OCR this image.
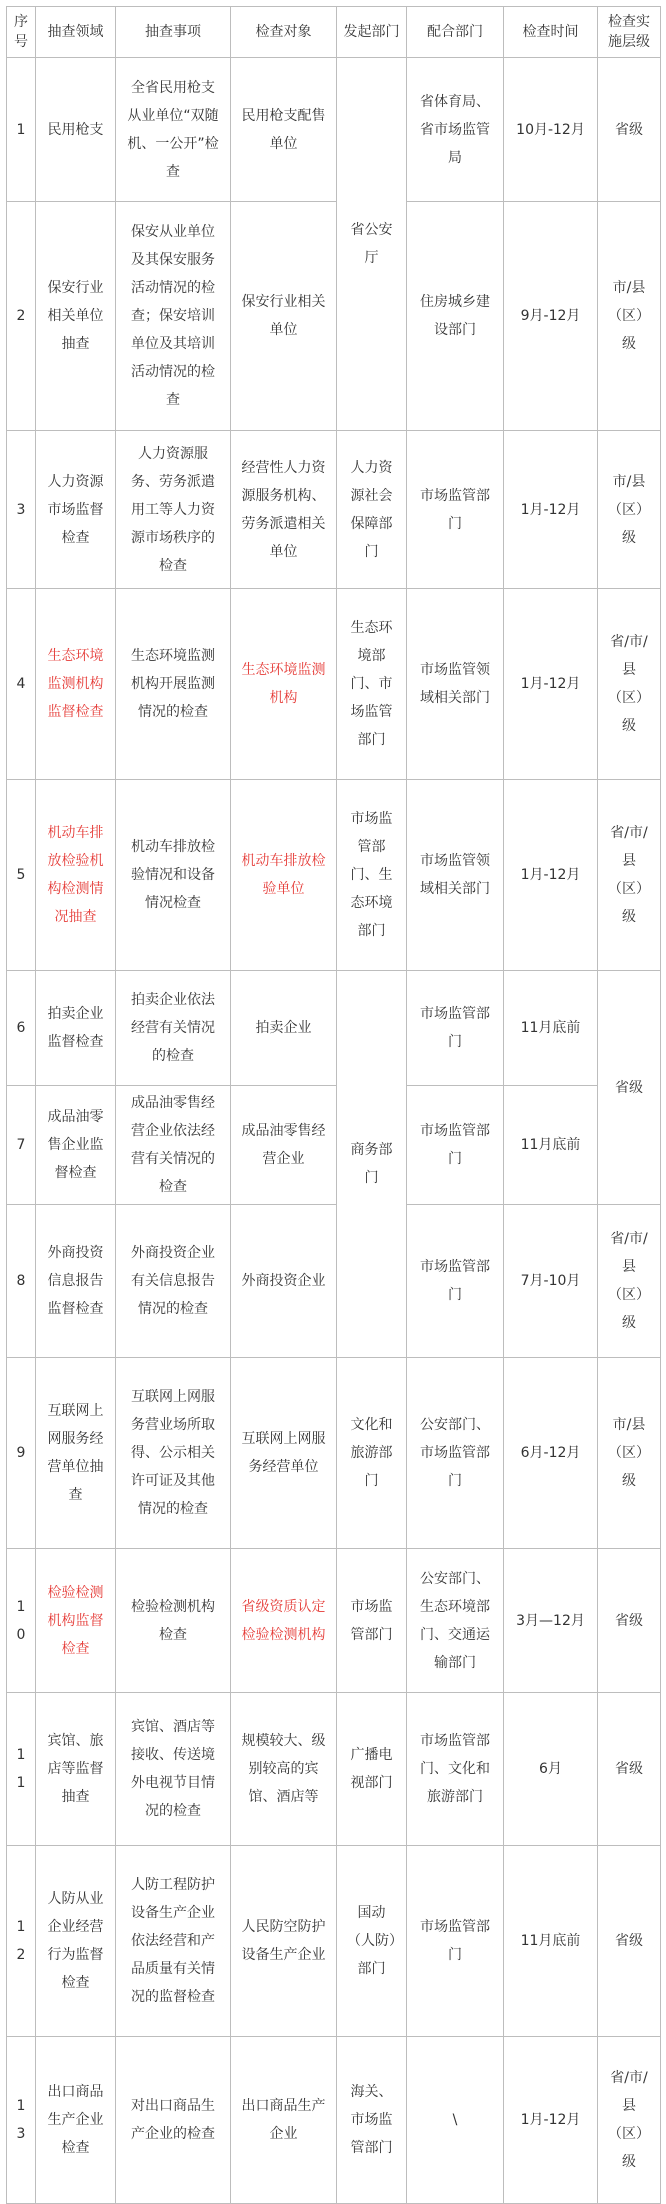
序号	抽查领域	抽查事项	检查对象	发起部门	配合部门	检查时间	检查实施层级
1	民用枪支	全省民用枪支从业单位“双随机、一公开”检查	民用枪支配售单位	省公安厅	省体育局、省市场监管局	10月-12月	省级
2	保安行业相关单位抽查	保安从业单位及其保安服务活动情况的检查；保安培训单位及其培训活动情况的检查	保安行业相关单位		住房城乡建设部门	9月-12月	市/县（区）级
3	人力资源市场监督检查	人力资源服务、劳务派遣用工等人力资源市场秩序的检查	经营性人力资源服务机构、劳务派遣相关单位	人力资源社会保障部门	市场监管部门	1月-12月	市/县（区）级
4	生态环境监测机构监督检查	生态环境监测机构开展监测情况的检查	生态环境监测机构	生态环境部门、市场监管部门	市场监管领域相关部门	1月-12月	省/市/县（区）级
5	机动车排放检验机构检测情况抽查	机动车排放检验情况和设备情况检查	机动车排放检验单位	市场监管部门、生态环境部门	市场监管领域相关部门	1月-12月	省/市/县（区）级
6	拍卖企业监督检查	拍卖企业依法经营有关情况的检查	拍卖企业	商务部门	市场监管部门	11月底前	省级
7	成品油零售企业监督检查	成品油零售经营企业依法经营有关情况的检查	成品油零售经营企业		市场监管部门	11月底前	
8	外商投资信息报告监督检查	外商投资企业有关信息报告情况的检查	外商投资企业		市场监管部门	7月-10月	省/市/县（区）级
9	互联网上网服务经营单位抽查	互联网上网服务营业场所取得、公示相关许可证及其他情况的检查	互联网上网服务经营单位	文化和旅游部门	公安部门、市场监管部门	6月-12月	市/县（区）级
10	检验检测机构监督检查	检验检测机构检查	省级资质认定检验检测机构	市场监管部门	公安部门、生态环境部门、交通运输部门	3月—12月	省级
11	宾馆、旅店等监督抽查	宾馆、酒店等接收、传送境外电视节目情况的检查	规模较大、级别较高的宾馆、酒店等	广播电视部门	市场监管部门、文化和旅游部门	6月	省级
12	人防从业企业经营行为监督检查	人防工程防护设备生产企业依法经营和产品质量有关情况的监督检查	人民防空防护设备生产企业	国动（人防）部门	市场监管部门	11月底前	省级
13	出口商品生产企业检查	对出口商品生产企业的检查	出口商品生产企业	海关、市场监管部门	\	1月-12月	省/市/县（区）级
